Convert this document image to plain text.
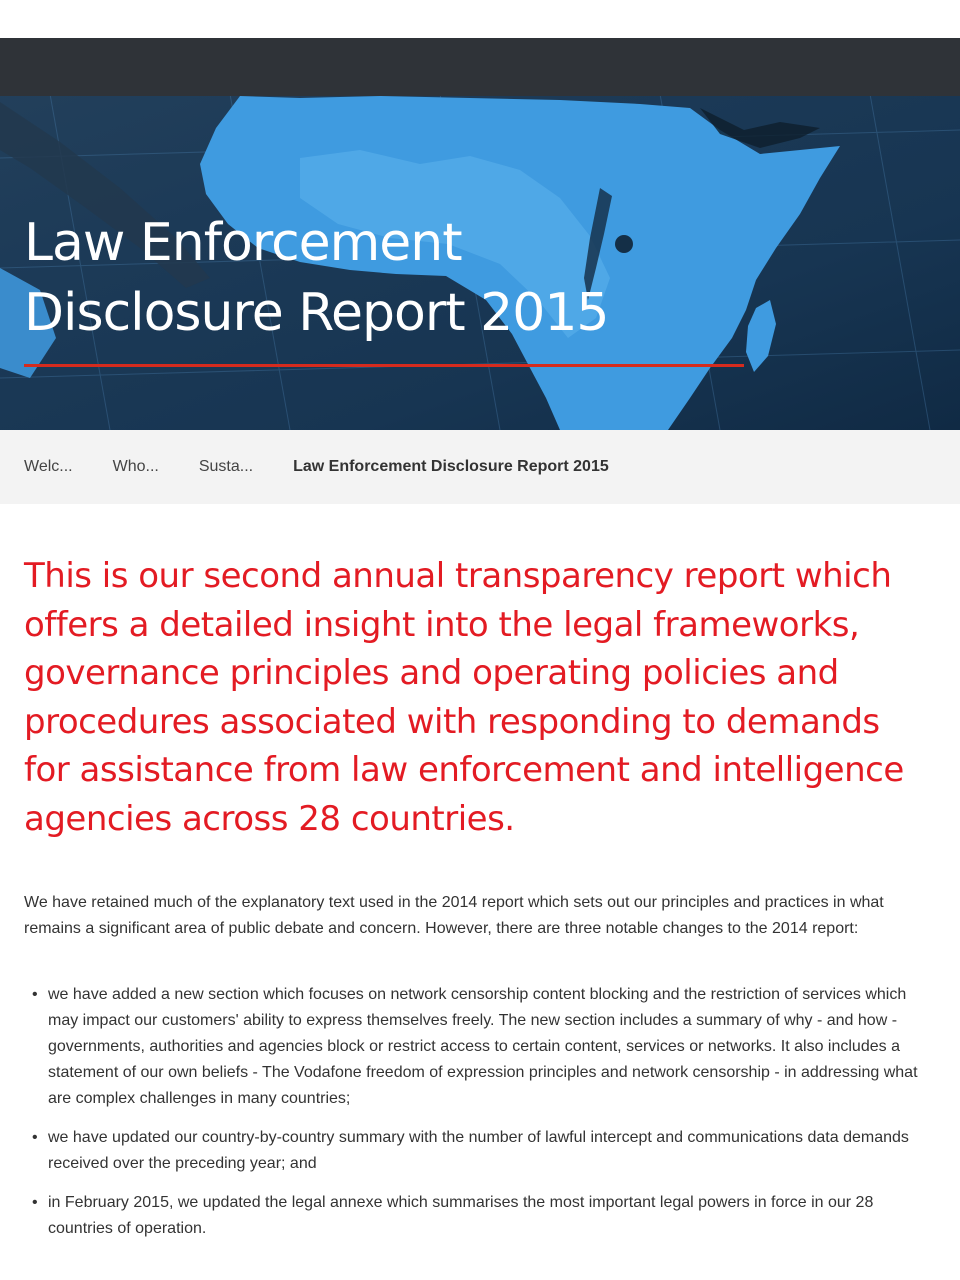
Law Enforcement
Disclosure Report 2015
Welc...	Who...	Susta...	Law Enforcement Disclosure Report 2015
This is our second annual transparency report which offers a detailed insight into the legal frameworks, governance principles and operating policies and procedures associated with responding to demands for assistance from law enforcement and intelligence agencies across 28 countries.

We have retained much of the explanatory text used in the 2014 report which sets out our principles and practices in what remains a significant area of public debate and concern. However, there are three notable changes to the 2014 report:

• we have added a new section which focuses on network censorship content blocking and the restriction of services which may impact our customers' ability to express themselves freely. The new section includes a summary of why - and how - governments, authorities and agencies block or restrict access to certain content, services or networks. It also includes a statement of our own beliefs - The Vodafone freedom of expression principles and network censorship - in addressing what are complex challenges in many countries;
• we have updated our country-by-country summary with the number of lawful intercept and communications data demands received over the preceding year; and
• in February 2015, we updated the legal annexe which summarises the most important legal powers in force in our 28 countries of operation.
